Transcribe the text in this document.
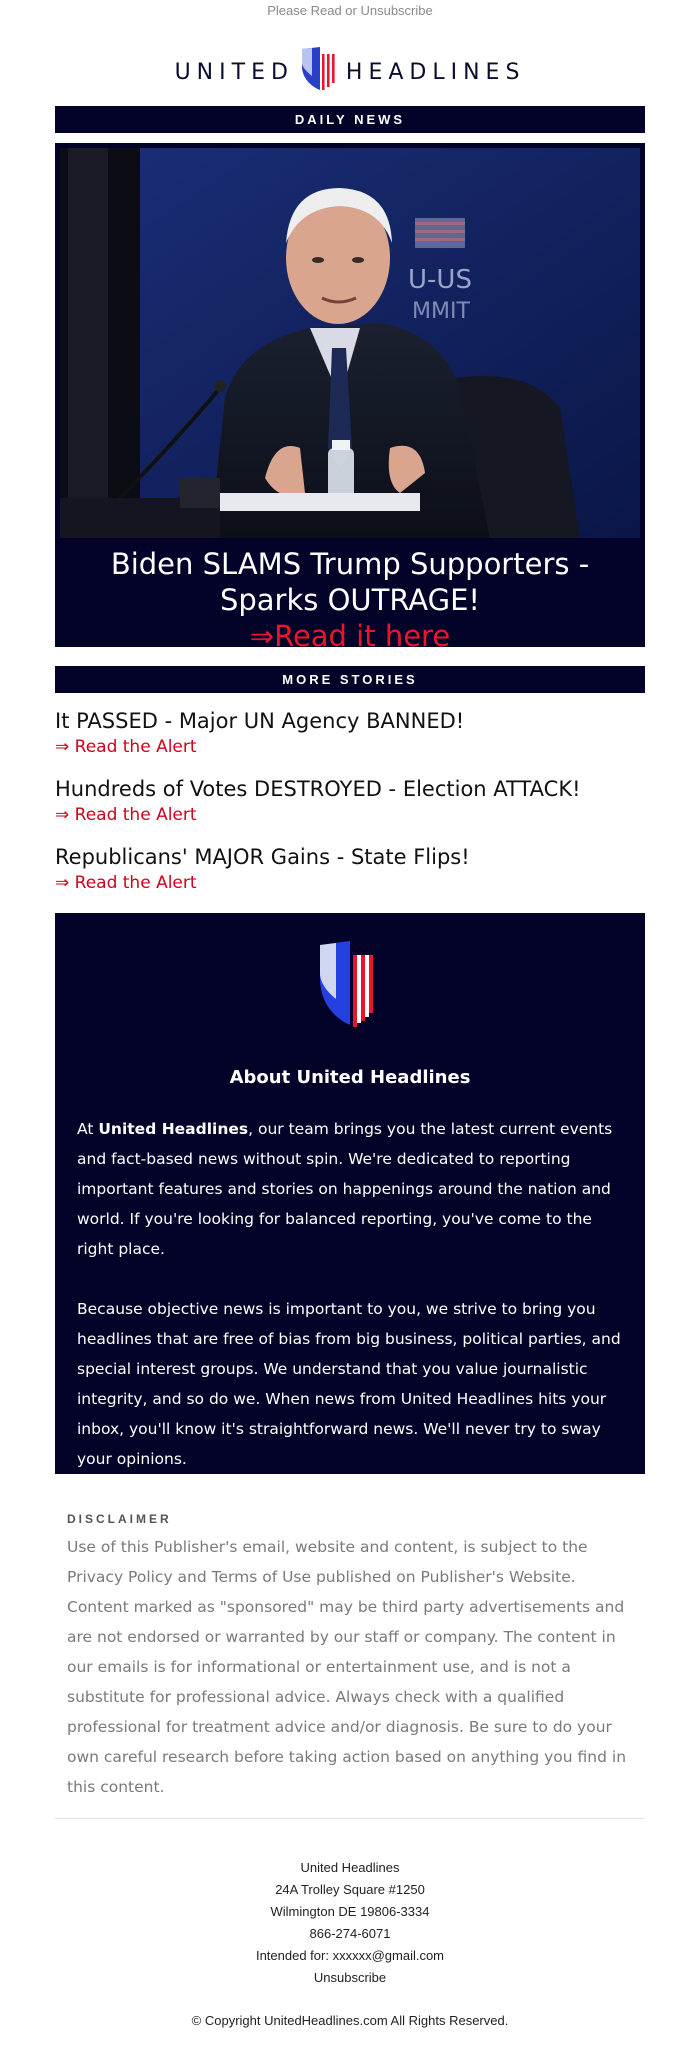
Please Read or Unsubscribe
UNITED HEADLINES
DAILY NEWS
U-US
MMIT
Biden SLAMS Trump Supporters - Sparks OUTRAGE!
⇒Read it here
MORE STORIES

It PASSED - Major UN Agency BANNED!

⇒ Read the Alert

Hundreds of Votes DESTROYED - Election ATTACK!

⇒ Read the Alert

Republicans' MAJOR Gains - State Flips!

⇒ Read the Alert
About United Headlines

At United Headlines, our team brings you the latest current events and fact-based news without spin. We're dedicated to reporting important features and stories on happenings around the nation and world. If you're looking for balanced reporting, you've come to the right place.

Because objective news is important to you, we strive to bring you headlines that are free of bias from big business, political parties, and special interest groups. We understand that you value journalistic integrity, and so do we. When news from United Headlines hits your inbox, you'll know it's straightforward news. We'll never try to sway your opinions.

DISCLAIMER
Use of this Publisher's email, website and content, is subject to the Privacy Policy and Terms of Use published on Publisher's Website. Content marked as "sponsored" may be third party advertisements and are not endorsed or warranted by our staff or company. The content in our emails is for informational or entertainment use, and is not a substitute for professional advice. Always check with a qualified professional for treatment advice and/or diagnosis. Be sure to do your own careful research before taking action based on anything you find in this content.
United Headlines
24A Trolley Square #1250
Wilmington DE 19806-3334
866-274-6071
Intended for: xxxxxx@gmail.com
Unsubscribe
© Copyright UnitedHeadlines.com All Rights Reserved.
